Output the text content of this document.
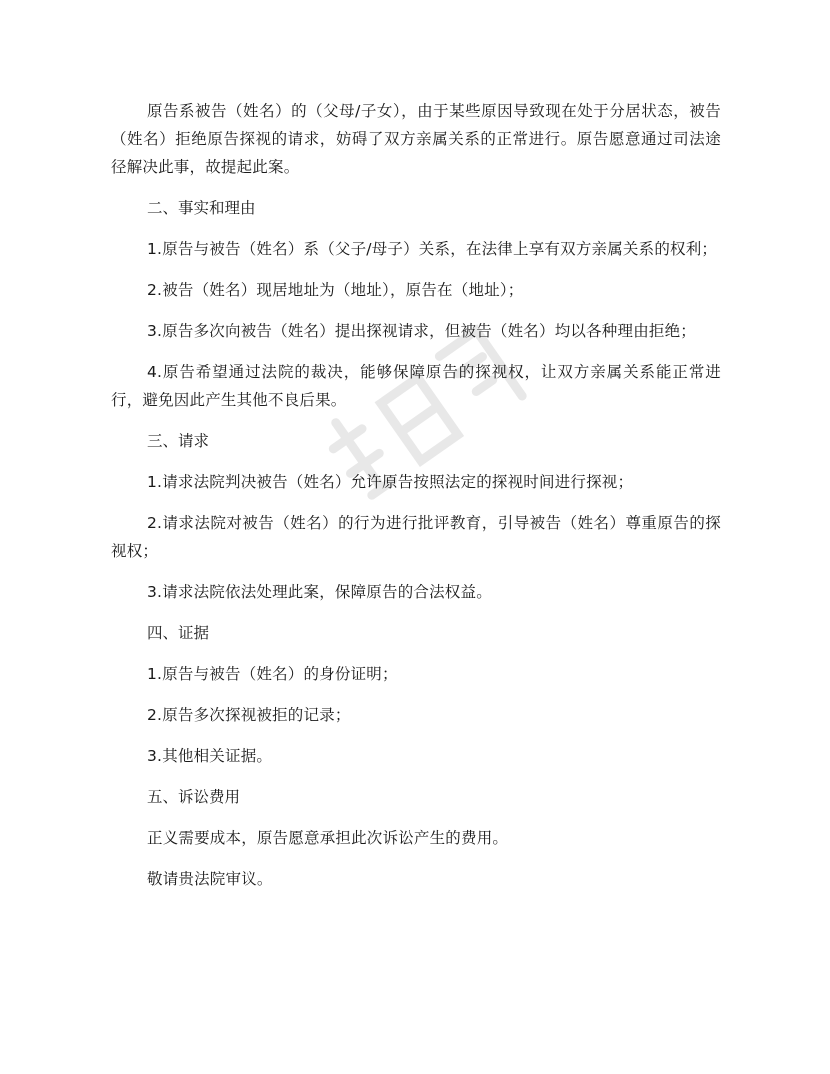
原告系被告（姓名）的（父母/子女），由于某些原因导致现在处于分居状态，被告（姓名）拒绝原告探视的请求，妨碍了双方亲属关系的正常进行。原告愿意通过司法途径解决此事，故提起此案。

二、事实和理由

1.原告与被告（姓名）系（父子/母子）关系，在法律上享有双方亲属关系的权利；

2.被告（姓名）现居地址为（地址），原告在（地址）；

3.原告多次向被告（姓名）提出探视请求，但被告（姓名）均以各种理由拒绝；

4.原告希望通过法院的裁决，能够保障原告的探视权，让双方亲属关系能正常进行，避免因此产生其他不良后果。

三、请求

1.请求法院判决被告（姓名）允许原告按照法定的探视时间进行探视；

2.请求法院对被告（姓名）的行为进行批评教育，引导被告（姓名）尊重原告的探视权；

3.请求法院依法处理此案，保障原告的合法权益。

四、证据

1.原告与被告（姓名）的身份证明；

2.原告多次探视被拒的记录；

3.其他相关证据。

五、诉讼费用

正义需要成本，原告愿意承担此次诉讼产生的费用。

敬请贵法院审议。
